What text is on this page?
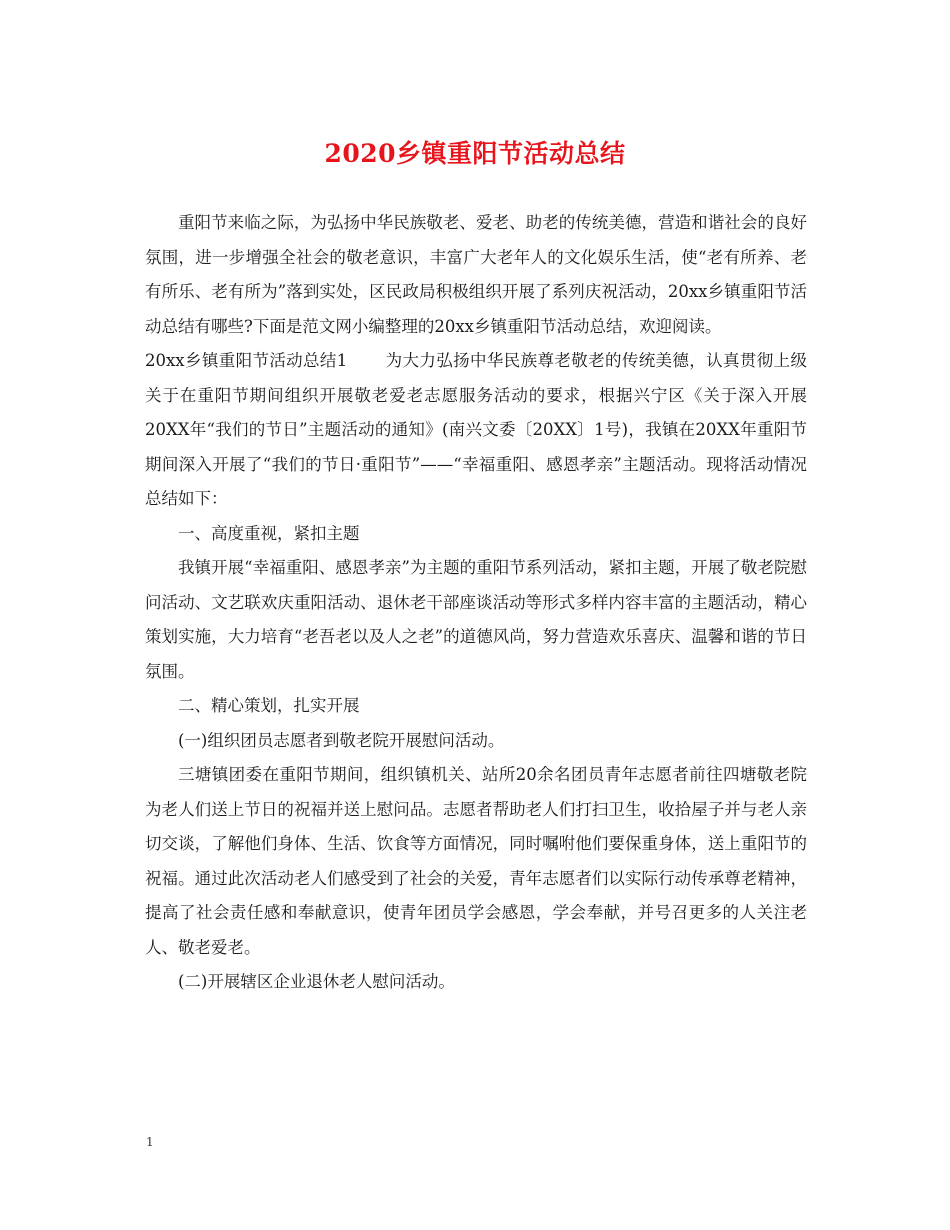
2020乡镇重阳节活动总结

重阳节来临之际，为弘扬中华民族敬老、爱老、助老的传统美德，营造和谐社会的良好氛围，进一步增强全社会的敬老意识，丰富广大老年人的文化娱乐生活，使“老有所养、老有所乐、老有所为”落到实处，区民政局积极组织开展了系列庆祝活动，20xx乡镇重阳节活动总结有哪些?下面是范文网小编整理的20xx乡镇重阳节活动总结，欢迎阅读。

20xx乡镇重阳节活动总结1 为大力弘扬中华民族尊老敬老的传统美德，认真贯彻上级关于在重阳节期间组织开展敬老爱老志愿服务活动的要求，根据兴宁区《关于深入开展20XX年“我们的节日”主题活动的通知》(南兴文委〔20XX〕1号)，我镇在20XX年重阳节期间深入开展了“我们的节日·重阳节”——“幸福重阳、感恩孝亲”主题活动。现将活动情况总结如下：

一、高度重视，紧扣主题

我镇开展“幸福重阳、感恩孝亲”为主题的重阳节系列活动，紧扣主题，开展了敬老院慰问活动、文艺联欢庆重阳活动、退休老干部座谈活动等形式多样内容丰富的主题活动，精心策划实施，大力培育“老吾老以及人之老”的道德风尚，努力营造欢乐喜庆、温馨和谐的节日氛围。

二、精心策划，扎实开展

(一)组织团员志愿者到敬老院开展慰问活动。

三塘镇团委在重阳节期间，组织镇机关、站所20余名团员青年志愿者前往四塘敬老院为老人们送上节日的祝福并送上慰问品。志愿者帮助老人们打扫卫生，收拾屋子并与老人亲切交谈，了解他们身体、生活、饮食等方面情况，同时嘱咐他们要保重身体，送上重阳节的祝福。通过此次活动老人们感受到了社会的关爱，青年志愿者们以实际行动传承尊老精神，提高了社会责任感和奉献意识，使青年团员学会感恩，学会奉献，并号召更多的人关注老人、敬老爱老。

(二)开展辖区企业退休老人慰问活动。

1
